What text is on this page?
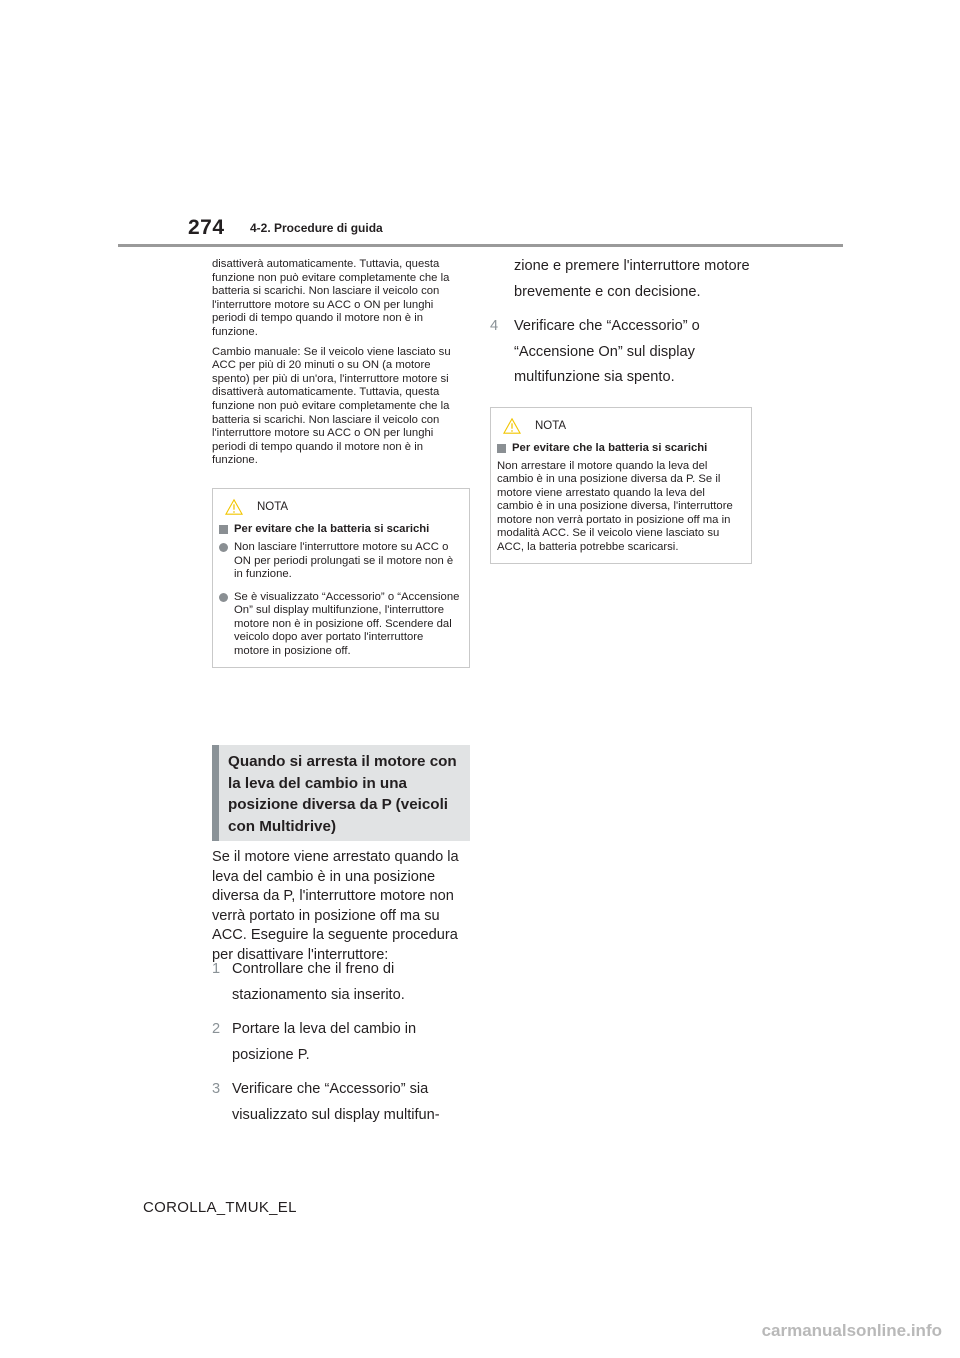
274 4-2. Procedure di guida

disattiverà automaticamente. Tuttavia, questa funzione non può evitare completamente che la batteria si scarichi. Non lasciare il veicolo con l'interruttore motore su ACC o ON per lunghi periodi di tempo quando il motore non è in funzione.

Cambio manuale: Se il veicolo viene lasciato su ACC per più di 20 minuti o su ON (a motore spento) per più di un'ora, l'interruttore motore si disattiverà automaticamente. Tuttavia, questa funzione non può evitare completamente che la batteria si scarichi. Non lasciare il veicolo con l'interruttore motore su ACC o ON per lunghi periodi di tempo quando il motore non è in funzione.

NOTA
Per evitare che la batteria si scarichi
Non lasciare l'interruttore motore su ACC o ON per periodi prolungati se il motore non è in funzione.
Se è visualizzato “Accessorio” o “Accensione On” sul display multifunzione, l'interruttore motore non è in posizione off. Scendere dal veicolo dopo aver portato l'interruttore motore in posizione off.
Quando si arresta il motore con la leva del cambio in una posizione diversa da P (veicoli con Multidrive)

Se il motore viene arrestato quando la leva del cambio è in una posizione diversa da P, l'interruttore motore non verrà portato in posizione off ma su ACC. Eseguire la seguente procedura per disattivare l'interruttore:

1 Controllare che il freno di stazionamento sia inserito.
2 Portare la leva del cambio in posizione P.
3 Verificare che “Accessorio” sia visualizzato sul display multifun-
zione e premere l'interruttore motore brevemente e con decisione.
4	Verificare che “Accessorio” o “Accensione On” sul display multifunzione sia spento.
NOTA
Per evitare che la batteria si scarichi

Non arrestare il motore quando la leva del cambio è in una posizione diversa da P. Se il motore viene arrestato quando la leva del cambio è in una posizione diversa, l'interruttore motore non verrà portato in posizione off ma in modalità ACC. Se il veicolo viene lasciato su ACC, la batteria potrebbe scaricarsi.

COROLLA_TMUK_EL
carmanualsonline.info
